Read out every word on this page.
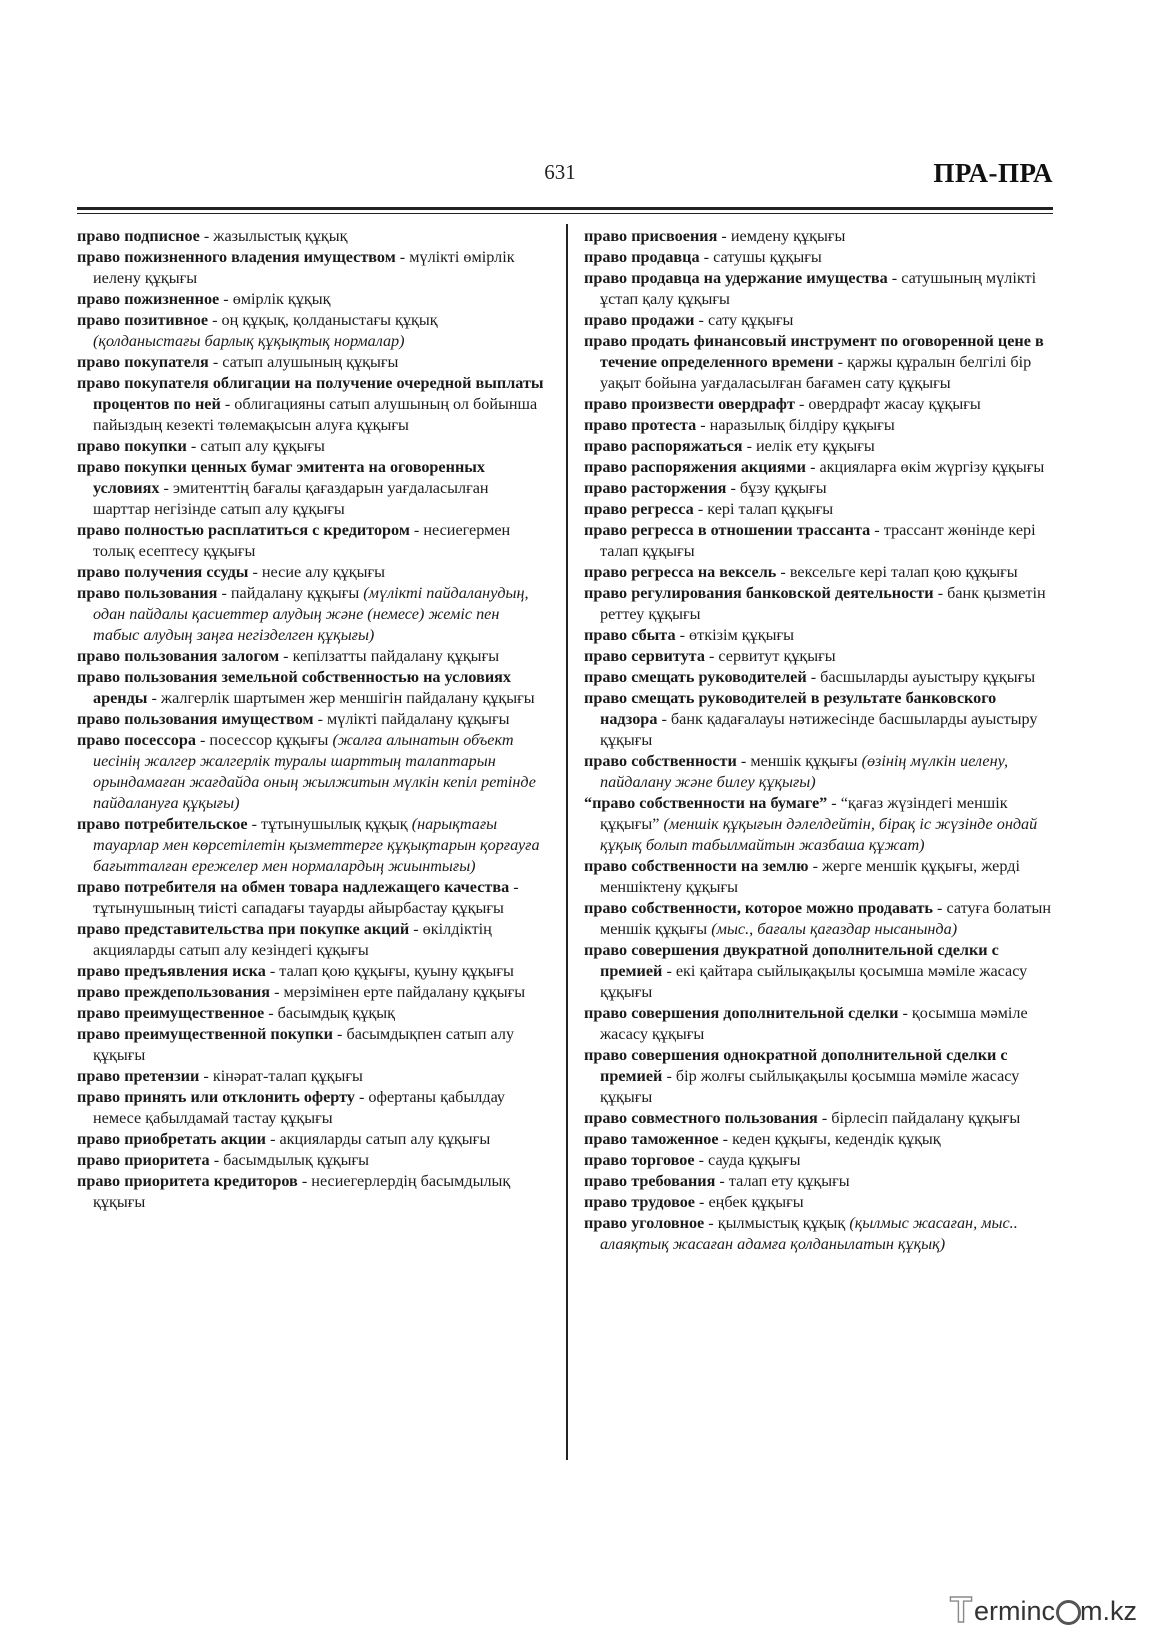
631	ПРА-ПРА

право подписное - жазылыстық құқық

право пожизненного владения имуществом - мүлікті өмірлік иелену құқығы

право пожизненное - өмірлік құқық

право позитивное - оң құқық, қолданыстағы құқық (қолданыстағы барлық құқықтық нормалар)

право покупателя - сатып алушының құқығы

право покупателя облигации на получение очередной выплаты процентов по ней - облигацияны сатып алушының ол бойынша пайыздың кезекті төлемақысын алуға құқығы

право покупки - сатып алу құқығы

право покупки ценных бумаг эмитента на оговоренных условиях - эмитенттің бағалы қағаздарын уағдаласылған шарттар негізінде сатып алу құқығы

право полностью расплатиться с кредитором - несиегермен толық есептесу құқығы

право получения ссуды - несие алу құқығы

право пользования - пайдалану құқығы (мүлікті пайдаланудың, одан пайдалы қасиеттер алудың және (немесе) жеміс пен табыс алудың заңға негізделген құқығы)

право пользования залогом - кепілзатты пайдалану құқығы

право пользования земельной собственностью на условиях аренды - жалгерлік шартымен жер меншігін пайдалану құқығы

право пользования имуществом - мүлікті пайдалану құқығы

право посессора - посессор құқығы (жалға алынатын объект иесінің жалгер жалгерлік туралы шарттың талаптарын орындамаған жағдайда оның жылжитын мүлкін кепіл ретінде пайдалануға құқығы)

право потребительское - тұтынушылық құқық (нарықтағы тауарлар мен көрсетілетін қызметтерге құқықтарын қорғауға бағытталған ережелер мен нормалардың жиынтығы)

право потребителя на обмен товара надлежащего качества - тұтынушының тиісті сападағы тауарды айырбастау құқығы

право представительства при покупке акций - өкілдіктің акцияларды сатып алу кезіндегі құқығы

право предъявления иска - талап қою құқығы, қуыну құқығы

право преждепользования - мерзімінен ерте пайдалану құқығы

право преимущественное - басымдық құқық

право преимущественной покупки - басымдықпен сатып алу құқығы

право претензии - кінәрат-талап құқығы

право принять или отклонить оферту - офертаны қабылдау немесе қабылдамай тастау құқығы

право приобретать акции - акцияларды сатып алу құқығы

право приоритета - басымдылық құқығы

право приоритета кредиторов - несиегерлердің басымдылық құқығы

право присвоения - иемдену құқығы

право продавца - сатушы құқығы

право продавца на удержание имущества - сатушының мүлікті ұстап қалу құқығы

право продажи - сату құқығы

право продать финансовый инструмент по оговоренной цене в течение определенного времени - қаржы құралын белгілі бір уақыт бойына уағдаласылған бағамен сату құқығы

право произвести овердрафт - овердрафт жасау құқығы

право протеста - наразылық білдіру құқығы

право распоряжаться - иелік ету құқығы

право распоряжения акциями - акцияларға өкім жүргізу құқығы

право расторжения - бұзу құқығы

право регресса - кері талап құқығы

право регресса в отношении трассанта - трассант жөнінде кері талап құқығы

право регресса на вексель - вексельге кері талап қою құқығы

право регулирования банковской деятельности - банк қызметін реттеу құқығы

право сбыта - өткізім құқығы

право сервитута - сервитут құқығы

право смещать руководителей - басшыларды ауыстыру құқығы

право смещать руководителей в результате банковского надзора - банк қадағалауы нәтижесінде басшыларды ауыстыру құқығы

право собственности - меншік құқығы (өзінің мүлкін иелену, пайдалану және билеу құқығы)

“право собственности на бумаге” - “қағаз жүзіндегі меншік құқығы” (меншік құқығын дәлелдейтін, бірақ іс жүзінде ондай құқық болып табылмайтын жазбаша құжат)

право собственности на землю - жерге меншік құқығы, жерді меншіктену құқығы

право собственности, которое можно продавать - сатуға болатын меншік құқығы (мыс., бағалы қағаздар нысанында)

право совершения двукратной дополнительной сделки с премией - екі қайтара сыйлықақылы қосымша мәміле жасасу құқығы

право совершения дополнительной сделки - қосымша мәміле жасасу құқығы

право совершения однократной дополнительной сделки с премией - бір жолғы сыйлықақылы қосымша мәміле жасасу құқығы

право совместного пользования - бірлесіп пайдалану құқығы

право таможенное - кеден құқығы, кедендік құқық

право торговое - сауда құқығы

право требования - талап ету құқығы

право трудовое - еңбек құқығы

право уголовное - қылмыстық құқық (қылмыс жасаған, мыс.. алаяқтық жасаған адамға қолданылатын құқық)

T erminc m.kz
